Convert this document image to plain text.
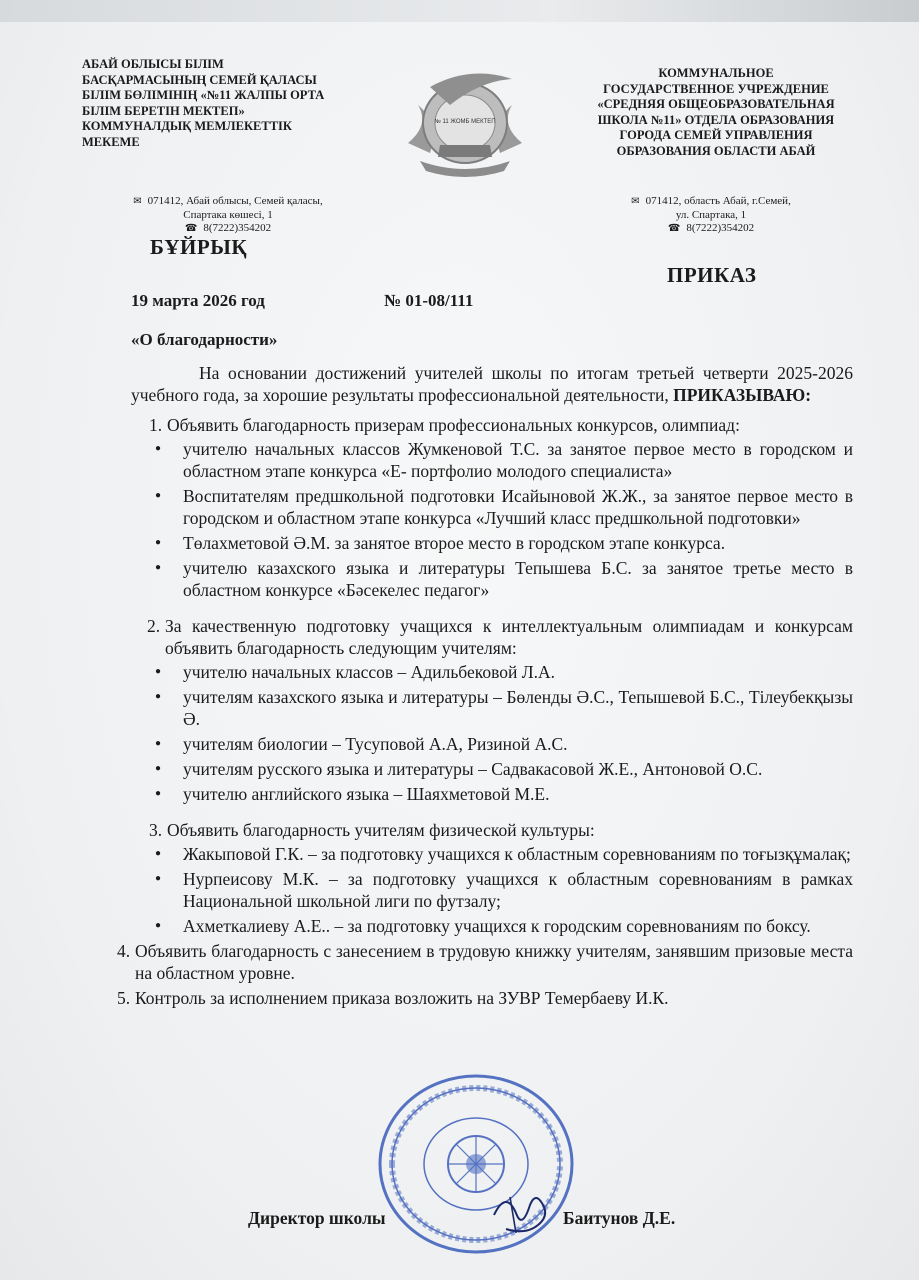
АБАЙ ОБЛЫСЫ БІЛІМ БАСҚАРМАСЫНЫҢ СЕМЕЙ ҚАЛАСЫ БІЛІМ БӨЛІМІНІҢ «№11 ЖАЛПЫ ОРТА БІЛІМ БЕРЕТІН МЕКТЕП» КОММУНАЛДЫҚ МЕМЛЕКЕТТІК МЕКЕМЕ
№ 11 ЖОМБ МЕКТЕП
КОММУНАЛЬНОЕ ГОСУДАРСТВЕННОЕ УЧРЕЖДЕНИЕ «СРЕДНЯЯ ОБЩЕОБРАЗОВАТЕЛЬНАЯ ШКОЛА №11» ОТДЕЛА ОБРАЗОВАНИЯ ГОРОДА СЕМЕЙ УПРАВЛЕНИЯ ОБРАЗОВАНИЯ ОБЛАСТИ АБАЙ
✉ 071412, Абай облысы, Семей қаласы,
Спартака көшесі, 1
☎ 8(7222)354202
✉ 071412, область Абай, г.Семей,
ул. Спартака, 1
☎ 8(7222)354202
БҰЙРЫҚ
ПРИКАЗ
19 марта 2026 год	№ 01-08/111
«О благодарности»

На основании достижений учителей школы по итогам третьей четверти 2025-2026 учебного года, за хорошие результаты профессиональной деятельности, ПРИКАЗЫВАЮ:

1. Объявить благодарность призерам профессиональных конкурсов, олимпиад:
● учителю начальных классов Жумкеновой Т.С. за занятое первое место в городском и областном этапе конкурса «Е- портфолио молодого специалиста»
● Воспитателям предшкольной подготовки Исайыновой Ж.Ж., за занятое первое место в городском и областном этапе конкурса «Лучший класс предшкольной подготовки»
● Төлахметовой Ә.М. за занятое второе место в городском этапе конкурса.
● учителю казахского языка и литературы Тепышева Б.С. за занятое третье место в областном конкурсе «Бәсекелес педагог»
2. За качественную подготовку учащихся к интеллектуальным олимпиадам и конкурсам объявить благодарность следующим учителям:
● учителю начальных классов – Адильбековой Л.А.
● учителям казахского языка и литературы – Бөленды Ә.С., Тепышевой Б.С., Тілеубекқызы Ә.
● учителям биологии – Тусуповой А.А, Ризиной А.С.
● учителям русского языка и литературы – Садвакасовой Ж.Е., Антоновой О.С.
● учителю английского языка – Шаяхметовой М.Е.
3. Объявить благодарность учителям физической культуры:
● Жакыповой Г.К. – за подготовку учащихся к областным соревнованиям по тоғызқұмалақ;
● Нурпеисову М.К. – за подготовку учащихся к областным соревнованиям в рамках Национальной школьной лиги по футзалу;
● Ахметкалиеву А.Е.. – за подготовку учащихся к городским соревнованиям по боксу.
4. Объявить благодарность с занесением в трудовую книжку учителям, занявшим призовые места на областном уровне.
5. Контроль за исполнением приказа возложить на ЗУВР Темербаеву И.К.
Директор школы	Баитунов Д.Е.
